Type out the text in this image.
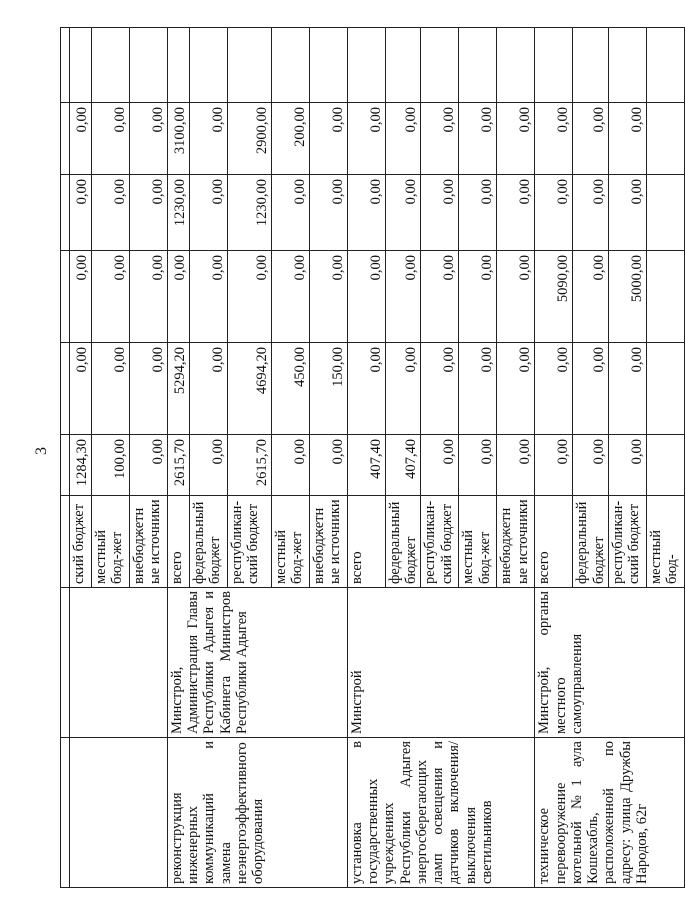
3

		ский бюджет	1284,30	0,00	0,00	0,00	0,00	
		местный бюд-жет	100,00	0,00	0,00	0,00	0,00	
		внебюджетные источники	0,00	0,00	0,00	0,00	0,00	
реконструкция инженерных коммуникаций и замена неэнергоэффективного оборудования	Минстрой, Администрация Главы Республики Адыгея и Кабинета Министров Республики Адыгея	всего	2615,70	5294,20	0,00	1230,00	3100,00	
		федеральный бюджет	0,00	0,00	0,00	0,00	0,00	
		республикан-ский бюджет	2615,70	4694,20	0,00	1230,00	2900,00	
		местный бюд-жет	0,00	450,00	0,00	0,00	200,00	
		внебюджетные источники	0,00	150,00	0,00	0,00	0,00	
установка в государственных учреждениях Республики Адыгея энергосберегающих ламп освещения и датчиков включения/выключения светильников	Минстрой	всего	407,40	0,00	0,00	0,00	0,00	
		федеральный бюджет	407,40	0,00	0,00	0,00	0,00	
		республикан-ский бюджет	0,00	0,00	0,00	0,00	0,00	
		местный бюд-жет	0,00	0,00	0,00	0,00	0,00	
		внебюджетные источники	0,00	0,00	0,00	0,00	0,00	
техническое перевооружение котельной №1 аула Кошехабль, расположенной по адресу: улица Дружбы Народов, 62г	Минстрой, органы местного самоуправления	всего	0,00	0,00	5090,00	0,00	0,00	
		федеральный бюджет	0,00	0,00	0,00	0,00	0,00	
		республикан-ский бюджет	0,00	0,00	5000,00	0,00	0,00	
		местный бюд-						
